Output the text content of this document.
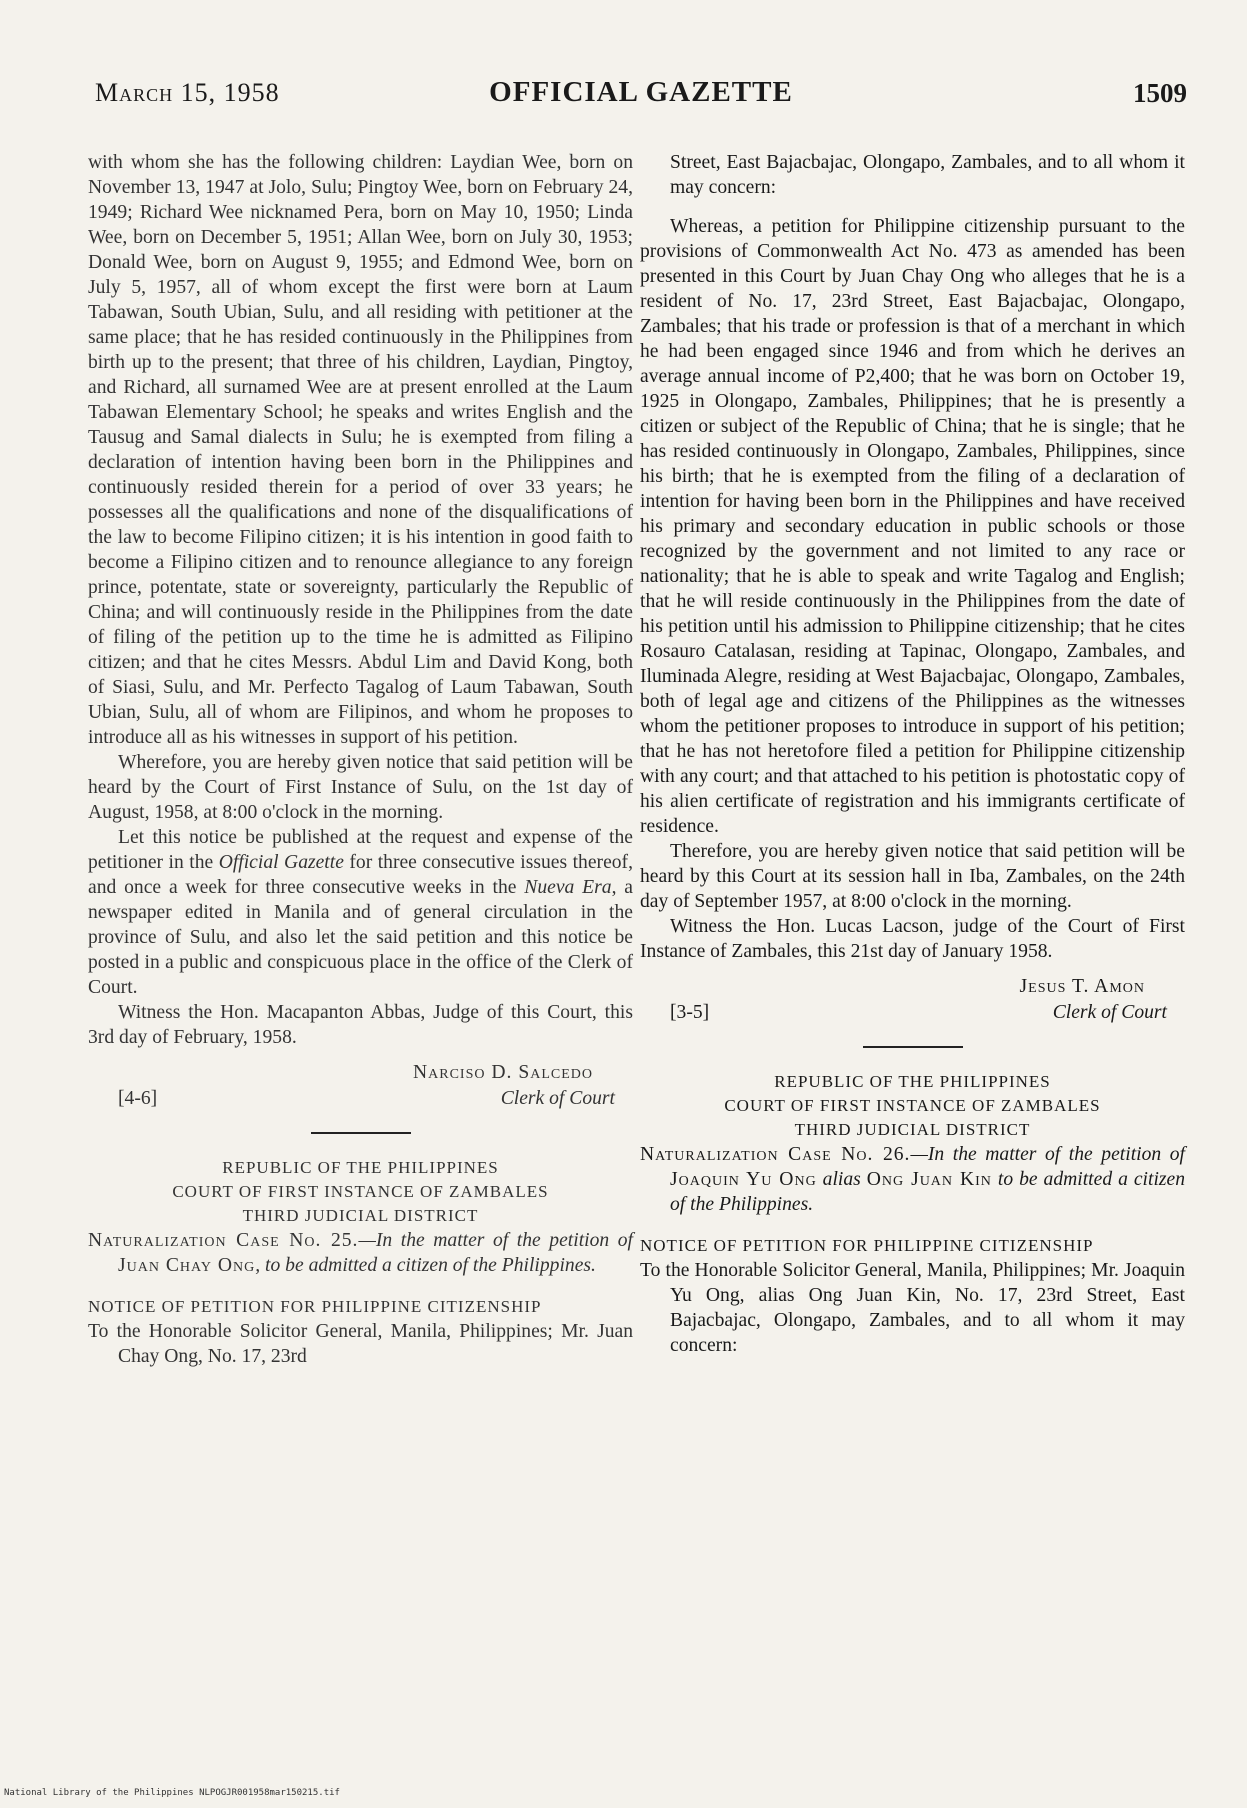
March 15, 1958	OFFICIAL GAZETTE	1509

with whom she has the following children: Laydian Wee, born on November 13, 1947 at Jolo, Sulu; Pingtoy Wee, born on February 24, 1949; Richard Wee nicknamed Pera, born on May 10, 1950; Linda Wee, born on December 5, 1951; Allan Wee, born on July 30, 1953; Donald Wee, born on August 9, 1955; and Edmond Wee, born on July 5, 1957, all of whom except the first were born at Laum Tabawan, South Ubian, Sulu, and all residing with petitioner at the same place; that he has resided continuously in the Philippines from birth up to the present; that three of his children, Laydian, Pingtoy, and Richard, all surnamed Wee are at present enrolled at the Laum Tabawan Elementary School; he speaks and writes English and the Tausug and Samal dialects in Sulu; he is exempted from filing a declaration of intention having been born in the Philippines and continuously resided therein for a period of over 33 years; he possesses all the qualifications and none of the disqualifications of the law to become Filipino citizen; it is his intention in good faith to become a Filipino citizen and to renounce allegiance to any foreign prince, potentate, state or sovereignty, particularly the Republic of China; and will continuously reside in the Philippines from the date of filing of the petition up to the time he is admitted as Filipino citizen; and that he cites Messrs. Abdul Lim and David Kong, both of Siasi, Sulu, and Mr. Perfecto Tagalog of Laum Tabawan, South Ubian, Sulu, all of whom are Filipinos, and whom he proposes to introduce all as his witnesses in support of his petition.

Wherefore, you are hereby given notice that said petition will be heard by the Court of First Instance of Sulu, on the 1st day of August, 1958, at 8:00 o'clock in the morning.

Let this notice be published at the request and expense of the petitioner in the Official Gazette for three consecutive issues thereof, and once a week for three consecutive weeks in the Nueva Era, a newspaper edited in Manila and of general circulation in the province of Sulu, and also let the said petition and this notice be posted in a public and conspicuous place in the office of the Clerk of Court.

Witness the Hon. Macapanton Abbas, Judge of this Court, this 3rd day of February, 1958.

Narciso D. Salcedo
Clerk of Court
[4-6]
REPUBLIC OF THE PHILIPPINES
COURT OF FIRST INSTANCE OF ZAMBALES
THIRD JUDICIAL DISTRICT

Naturalization Case No. 25.—In the matter of the petition of Juan Chay Ong, to be admitted a citizen of the Philippines.

NOTICE OF PETITION FOR PHILIPPINE CITIZENSHIP

To the Honorable Solicitor General, Manila, Philippines; Mr. Juan Chay Ong, No. 17, 23rd

Street, East Bajacbajac, Olongapo, Zambales, and to all whom it may concern:

Whereas, a petition for Philippine citizenship pursuant to the provisions of Commonwealth Act No. 473 as amended has been presented in this Court by Juan Chay Ong who alleges that he is a resident of No. 17, 23rd Street, East Bajacbajac, Olongapo, Zambales; that his trade or profession is that of a merchant in which he had been engaged since 1946 and from which he derives an average annual income of P2,400; that he was born on October 19, 1925 in Olongapo, Zambales, Philippines; that he is presently a citizen or subject of the Republic of China; that he is single; that he has resided continuously in Olongapo, Zambales, Philippines, since his birth; that he is exempted from the filing of a declaration of intention for having been born in the Philippines and have received his primary and secondary education in public schools or those recognized by the government and not limited to any race or nationality; that he is able to speak and write Tagalog and English; that he will reside continuously in the Philippines from the date of his petition until his admission to Philippine citizenship; that he cites Rosauro Catalasan, residing at Tapinac, Olongapo, Zambales, and Iluminada Alegre, residing at West Bajacbajac, Olongapo, Zambales, both of legal age and citizens of the Philippines as the witnesses whom the petitioner proposes to introduce in support of his petition; that he has not heretofore filed a petition for Philippine citizenship with any court; and that attached to his petition is photostatic copy of his alien certificate of registration and his immigrants certificate of residence.

Therefore, you are hereby given notice that said petition will be heard by this Court at its session hall in Iba, Zambales, on the 24th day of September 1957, at 8:00 o'clock in the morning.

Witness the Hon. Lucas Lacson, judge of the Court of First Instance of Zambales, this 21st day of January 1958.

Jesus T. Amon
Clerk of Court
[3-5]
REPUBLIC OF THE PHILIPPINES
COURT OF FIRST INSTANCE OF ZAMBALES
THIRD JUDICIAL DISTRICT

Naturalization Case No. 26.—In the matter of the petition of Joaquin Yu Ong alias Ong Juan Kin to be admitted a citizen of the Philippines.

NOTICE OF PETITION FOR PHILIPPINE CITIZENSHIP

To the Honorable Solicitor General, Manila, Philippines; Mr. Joaquin Yu Ong, alias Ong Juan Kin, No. 17, 23rd Street, East Bajacbajac, Olongapo, Zambales, and to all whom it may concern:

National Library of the Philippines NLPOGJR001958mar150215.tif
